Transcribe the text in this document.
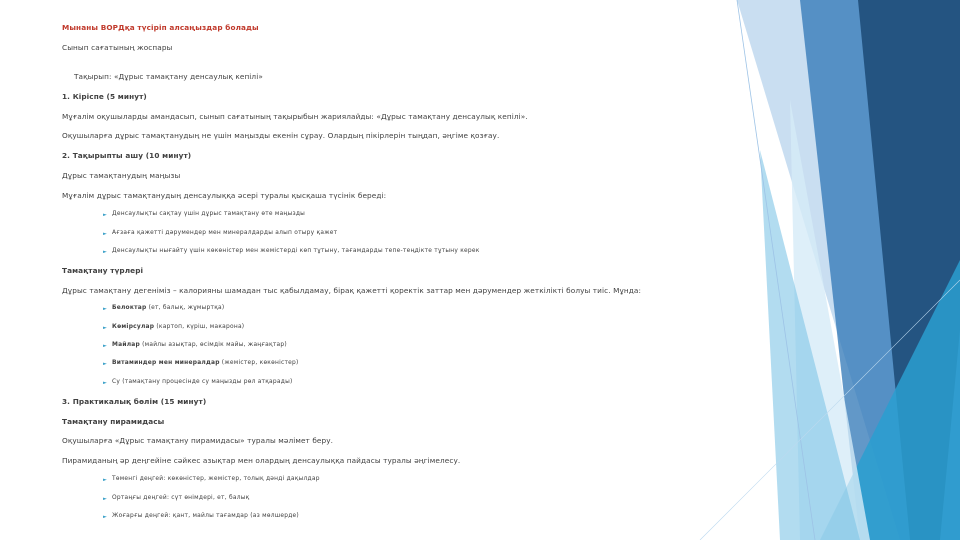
Мынаны ВОРДқа түсіріп алсаңыздар болады
Сынып сағатының жоспары
Тақырып: «Дұрыс тамақтану денсаулық кепілі»
1. Кіріспе (5 минут)
Мұғалім оқушыларды амандасып, сынып сағатының тақырыбын жариялайды: «Дұрыс тамақтану денсаулық кепілі».
Оқушыларға дұрыс тамақтанудың не үшін маңызды екенін сұрау. Олардың пікірлерін тыңдап, әңгіме қозғау.
2. Тақырыпты ашу (10 минут)
Дұрыс тамақтанудың маңызы
Мұғалім дұрыс тамақтанудың денсаулыққа әсері туралы қысқаша түсінік береді:
► Денсаулықты сақтау үшін дұрыс тамақтану өте маңызды
► Ағзаға қажетті дәрумендер мен минералдарды алып отыру қажет
► Денсаулықты нығайту үшін көкөністер мен жемістерді көп тұтыну, тағамдарды тепе-теңдікте тұтыну керек
Тамақтану түрлері
Дұрыс тамақтану дегеніміз – калорияны шамадан тыс қабылдамау, бірақ қажетті қоректік заттар мен дәрумендер жеткілікті болуы тиіс. Мұнда:
► Белоктар (ет, балық, жұмыртқа)
► Көмірсулар (картоп, күріш, макарона)
► Майлар (майлы азықтар, өсімдік майы, жаңғақтар)
► Витаминдер мен минералдар (жемістер, көкөністер)
► Су (тамақтану процесінде су маңызды рөл атқарады)
3. Практикалық бөлім (15 минут)
Тамақтану пирамидасы
Оқушыларға «Дұрыс тамақтану пирамидасы» туралы мәлімет беру.
Пирамиданың әр деңгейіне сәйкес азықтар мен олардың денсаулыққа пайдасы туралы әңгімелесу.
► Төменгі деңгей: көкөністер, жемістер, толық дәнді дақылдар
► Ортаңғы деңгей: сүт өнімдері, ет, балық
► Жоғарғы деңгей: қант, майлы тағамдар (аз мөлшерде)
